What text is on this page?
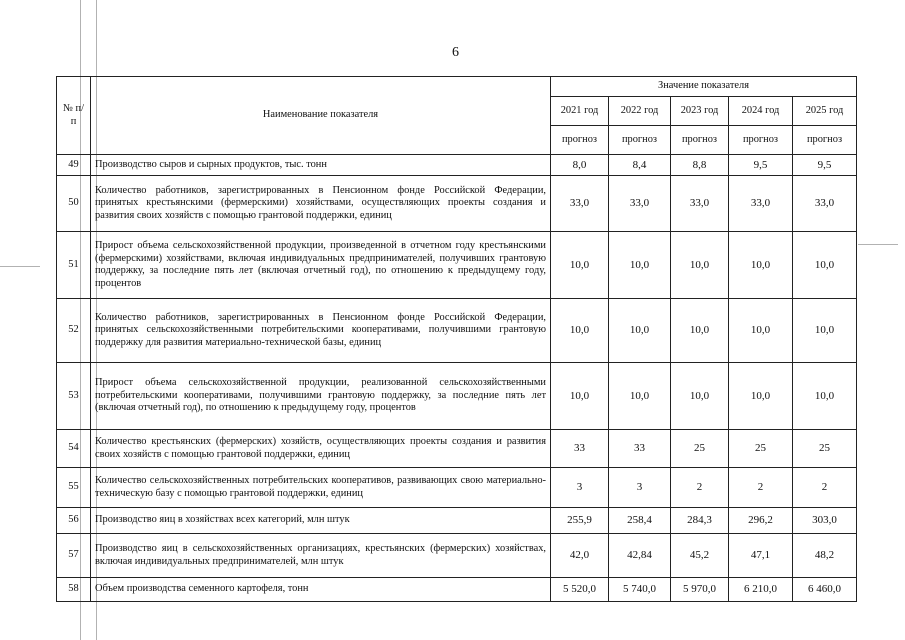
6
№ п/п	Наименование показателя	Значение показателя				
		2021 год	2022 год	2023 год	2024 год	2025 год
		прогноз	прогноз	прогноз	прогноз	прогноз
49	Производство сыров и сырных продуктов, тыс. тонн	8,0	8,4	8,8	9,5	9,5
50	Количество работников, зарегистрированных в Пенсионном фонде Российской Федерации, принятых крестьянскими (фермерскими) хозяйствами, осуществляющих проекты создания и развития своих хозяйств с помощью грантовой поддержки, единиц	33,0	33,0	33,0	33,0	33,0
51	Прирост объема сельскохозяйственной продукции, произведенной в отчетном году крестьянскими (фермерскими) хозяйствами, включая индивидуальных предпринимателей, получивших грантовую поддержку, за последние пять лет (включая отчетный год), по отношению к предыдущему году, процентов	10,0	10,0	10,0	10,0	10,0
52	Количество работников, зарегистрированных в Пенсионном фонде Российской Федерации, принятых сельскохозяйственными потребительскими кооперативами, получившими грантовую поддержку для развития материально-технической базы, единиц	10,0	10,0	10,0	10,0	10,0
53	Прирост объема сельскохозяйственной продукции, реализованной сельскохозяйственными потребительскими кооперативами, получившими грантовую поддержку, за последние пять лет (включая отчетный год), по отношению к предыдущему году, процентов	10,0	10,0	10,0	10,0	10,0
54	Количество крестьянских (фермерских) хозяйств, осуществляющих проекты создания и развития своих хозяйств с помощью грантовой поддержки, единиц	33	33	25	25	25
55	Количество сельскохозяйственных потребительских кооперативов, развивающих свою материально-техническую базу с помощью грантовой поддержки, единиц	3	3	2	2	2
56	Производство яиц в хозяйствах всех категорий, млн штук	255,9	258,4	284,3	296,2	303,0
57	Производство яиц в сельскохозяйственных организациях, крестьянских (фермерских) хозяйствах, включая индивидуальных предпринимателей, млн штук	42,0	42,84	45,2	47,1	48,2
58	Объем производства семенного картофеля, тонн	5 520,0	5 740,0	5 970,0	6 210,0	6 460,0
